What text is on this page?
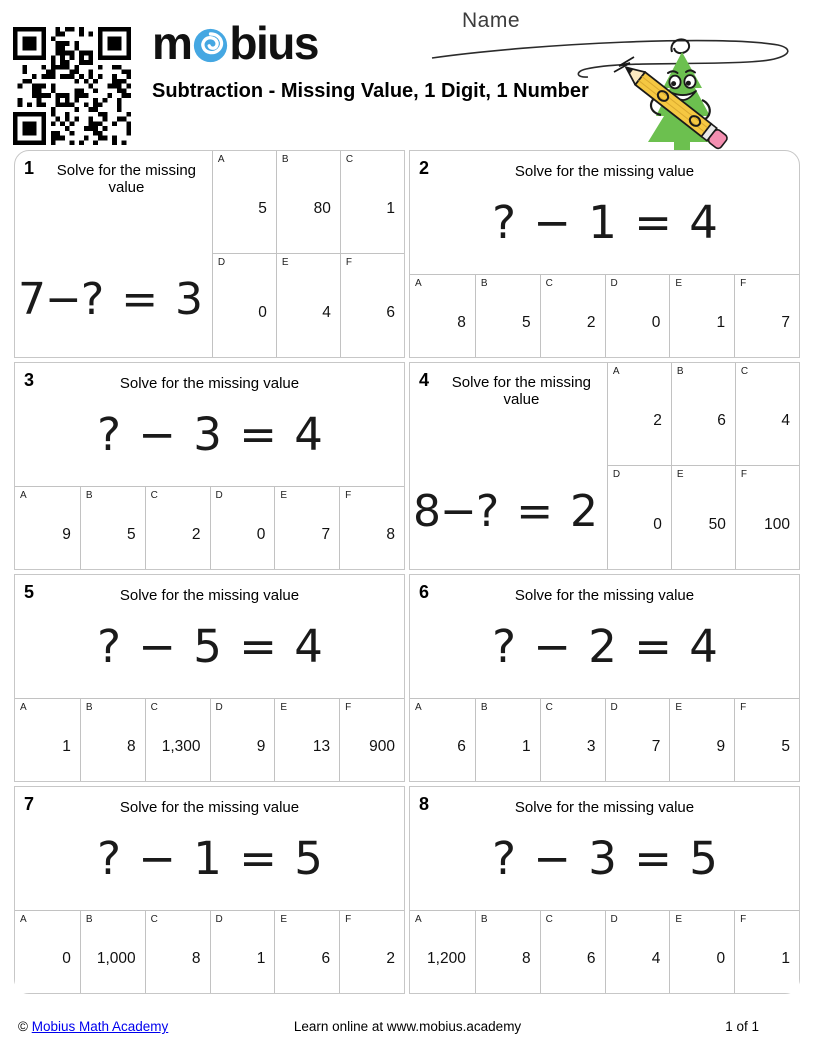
m bius
Subtraction - Missing Value, 1 Digit, 1 Number
Name
1	Solve for the missing value
7−? = 3
A
5
B
80
C
1
D
0
E
4
F
6
2	Solve for the missing value
? − 1 = 4
A
8
B
5
C
2
D
0
E
1
F
7
3	Solve for the missing value
? − 3 = 4
A
9
B
5
C
2
D
0
E
7
F
8
4	Solve for the missing value
8−? = 2
A
2
B
6
C
4
D
0
E
50
F
100
5	Solve for the missing value
? − 5 = 4
A
1
B
8
C
1,300
D
9
E
13
F
900
6	Solve for the missing value
? − 2 = 4
A
6
B
1
C
3
D
7
E
9
F
5
7	Solve for the missing value
? − 1 = 5
A
0
B
1,000
C
8
D
1
E
6
F
2
8	Solve for the missing value
? − 3 = 5
A
1,200
B
8
C
6
D
4
E
0
F
1
© Mobius Math Academy	Learn online at www.mobius.academy	1 of 1
